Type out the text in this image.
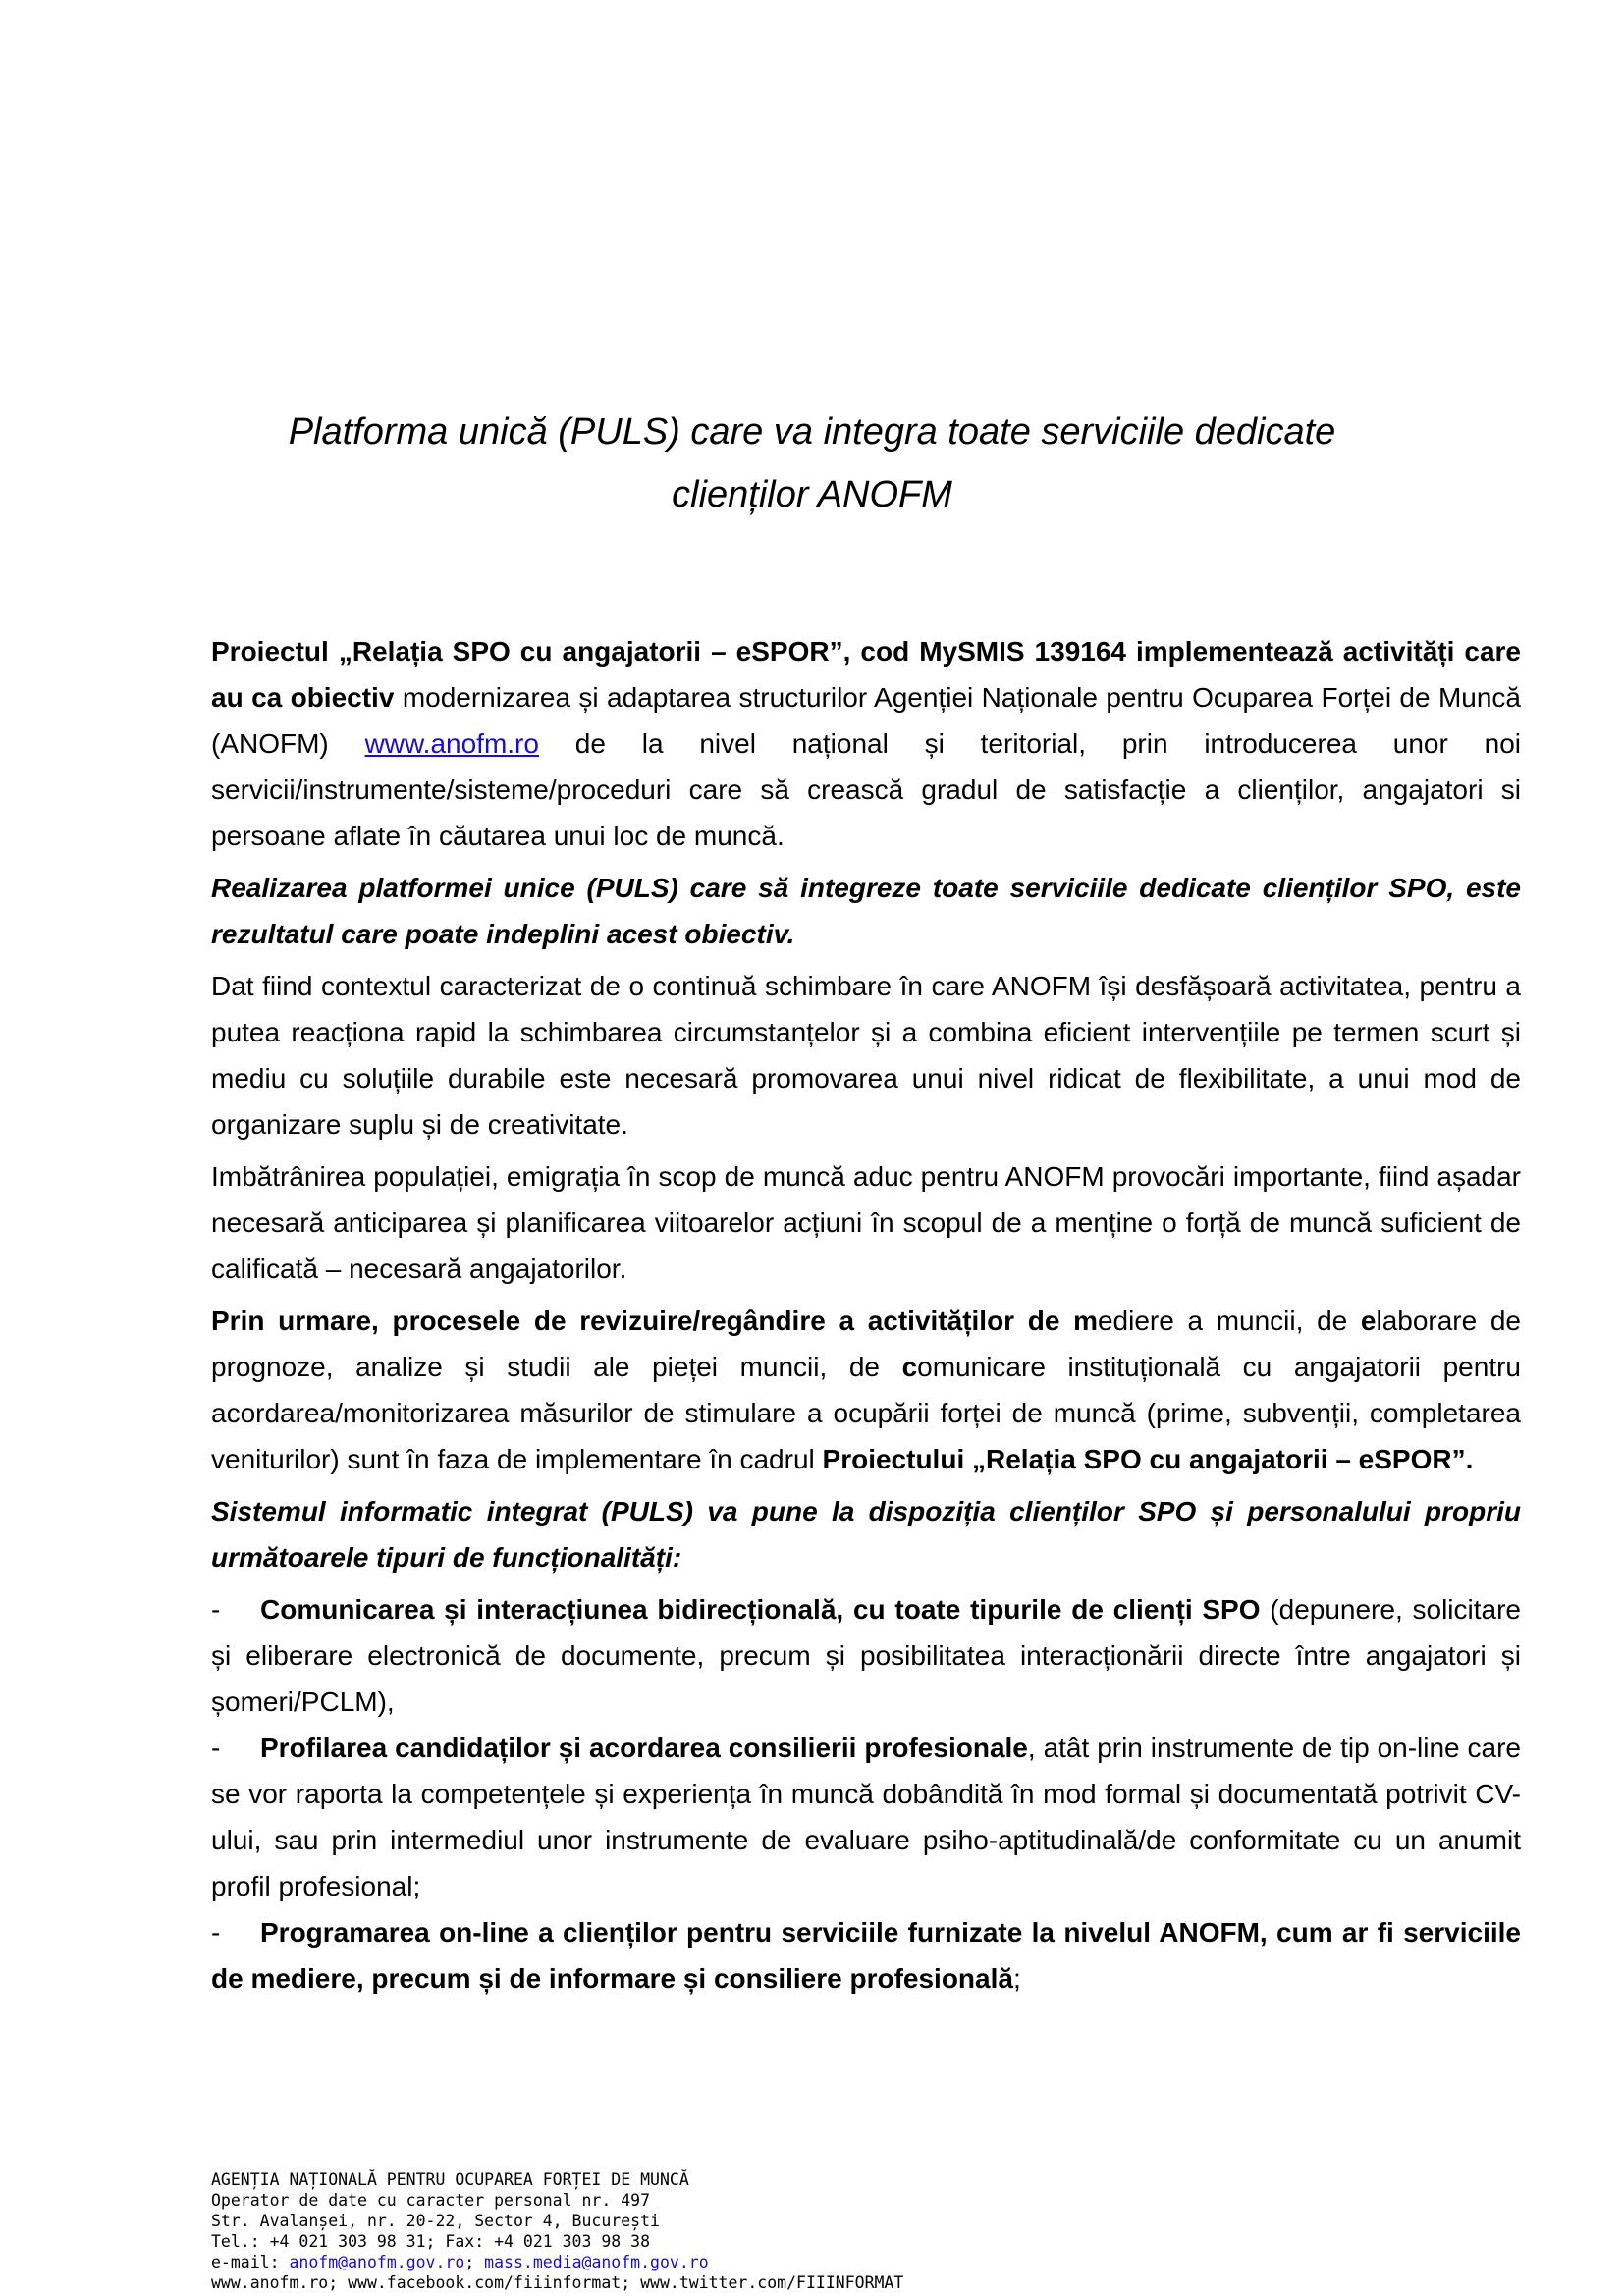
Platforma unică (PULS) care va integra toate serviciile dedicate
clienților ANOFM

Proiectul „Relația SPO cu angajatorii – eSPOR”, cod MySMIS 139164 implementează activități care au ca obiectiv modernizarea și adaptarea structurilor Agenției Naționale pentru Ocuparea Forței de Muncă (ANOFM) www.anofm.ro de la nivel național și teritorial, prin introducerea unor noi servicii/instrumente/sisteme/proceduri care să crească gradul de satisfacție a clienților, angajatori si persoane aflate în căutarea unui loc de muncă.

Realizarea platformei unice (PULS) care să integreze toate serviciile dedicate clienților SPO, este rezultatul care poate indeplini acest obiectiv.

Dat fiind contextul caracterizat de o continuă schimbare în care ANOFM își desfășoară activitatea, pentru a putea reacționa rapid la schimbarea circumstanțelor și a combina eficient intervențiile pe termen scurt și mediu cu soluțiile durabile este necesară promovarea unui nivel ridicat de flexibilitate, a unui mod de organizare suplu și de creativitate.

Imbătrânirea populației, emigrația în scop de muncă aduc pentru ANOFM provocări importante, fiind așadar necesară anticiparea și planificarea viitoarelor acțiuni în scopul de a menține o forță de muncă suficient de calificată – necesară angajatorilor.

Prin urmare, procesele de revizuire/regândire a activităților de mediere a muncii, de elaborare de prognoze, analize și studii ale pieței muncii, de comunicare instituțională cu angajatorii pentru acordarea/monitorizarea măsurilor de stimulare a ocupării forței de muncă (prime, subvenții, completarea veniturilor) sunt în faza de implementare în cadrul Proiectului „Relația SPO cu angajatorii – eSPOR”.

Sistemul informatic integrat (PULS) va pune la dispoziția clienților SPO și personalului propriu următoarele tipuri de funcționalități:

- Comunicarea și interacțiunea bidirecțională, cu toate tipurile de clienți SPO (depunere, solicitare și eliberare electronică de documente, precum și posibilitatea interacționării directe între angajatori și șomeri/PCLM),

- Profilarea candidaților și acordarea consilierii profesionale, atât prin instrumente de tip on-line care se vor raporta la competențele și experiența în muncă dobândită în mod formal și documentată potrivit CV-ului, sau prin intermediul unor instrumente de evaluare psiho-aptitudinală/de conformitate cu un anumit profil profesional;

- Programarea on-line a clienților pentru serviciile furnizate la nivelul ANOFM, cum ar fi serviciile de mediere, precum și de informare și consiliere profesională;

AGENȚIA NAȚIONALĂ PENTRU OCUPAREA FORȚEI DE MUNCĂ
Operator de date cu caracter personal nr. 497
Str. Avalanșei, nr. 20-22, Sector 4, București
Tel.: +4 021 303 98 31; Fax: +4 021 303 98 38
e-mail: anofm@anofm.gov.ro; mass.media@anofm.gov.ro
www.anofm.ro; www.facebook.com/fiiinformat; www.twitter.com/FIIINFORMAT
